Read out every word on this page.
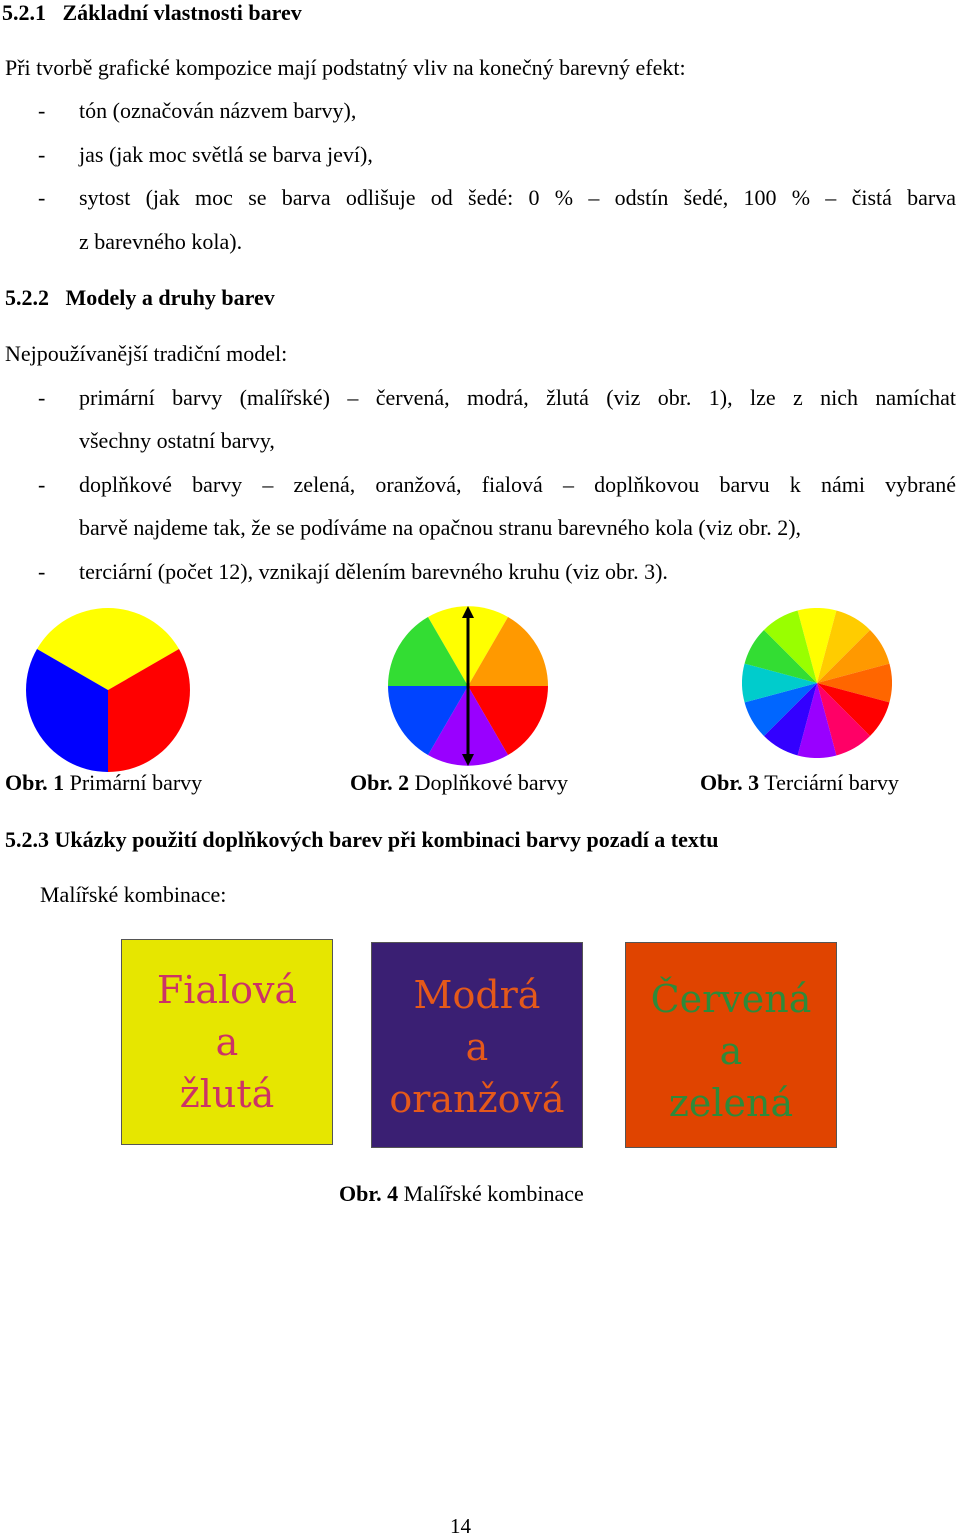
5.2.1 Základní vlastnosti barev
Při tvorbě grafické kompozice mají podstatný vliv na konečný barevný efekt:
- tón (označován názvem barvy),
- jas (jak moc světlá se barva jeví),
- sytost (jak moc se barva odlišuje od šedé: 0 % – odstín šedé, 100 % – čistá barva
z barevného kola).
5.2.2 Modely a druhy barev
Nejpoužívanější tradiční model:
- primární barvy (malířské) – červená, modrá, žlutá (viz obr. 1), lze z nich namíchat
všechny ostatní barvy,
- doplňkové barvy – zelená, oranžová, fialová – doplňkovou barvu k námi vybrané
barvě najdeme tak, že se podíváme na opačnou stranu barevného kola (viz obr. 2),
- terciární (počet 12), vznikají dělením barevného kruhu (viz obr. 3).
Obr. 1 Primární barvy	Obr. 2 Doplňkové barvy	Obr. 3 Terciární barvy
5.2.3 Ukázky použití doplňkových barev při kombinaci barvy pozadí a textu
Malířské kombinace:
Fialová
a
žlutá
Modrá
a
oranžová
Červená
a
zelená
Obr. 4 Malířské kombinace
14
